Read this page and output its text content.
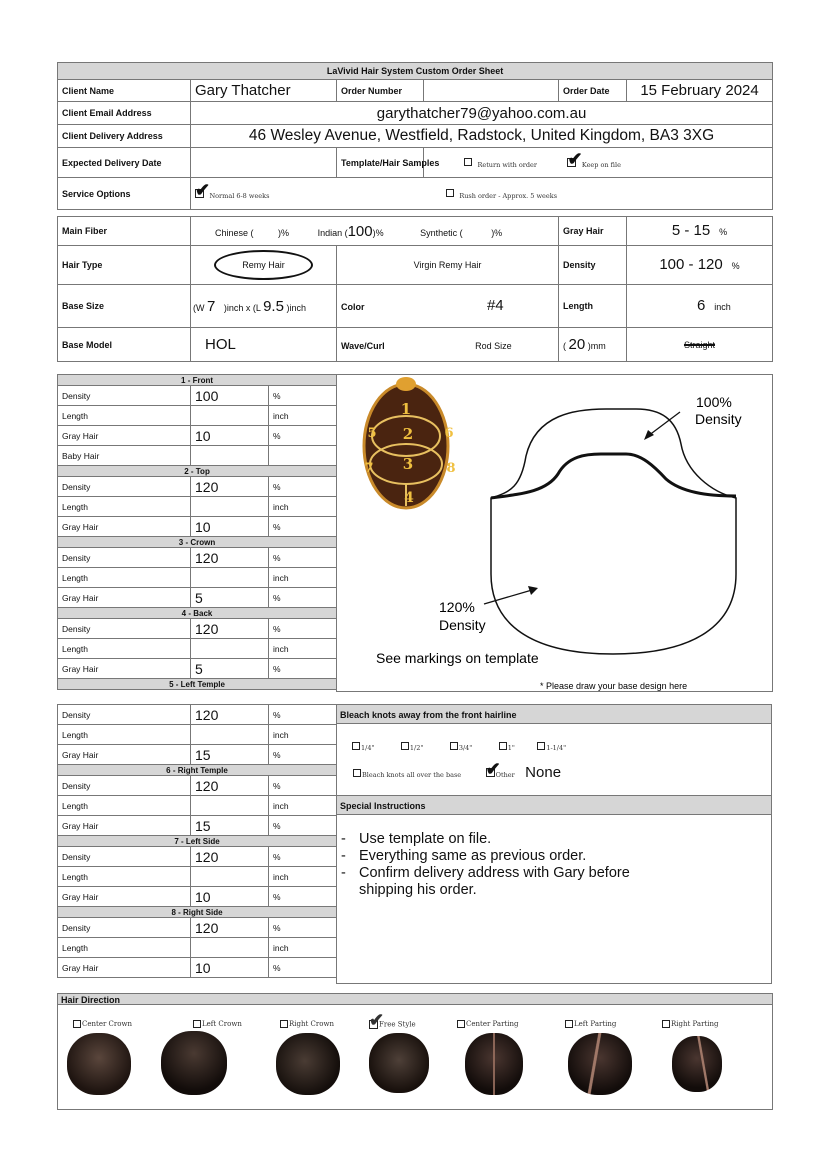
LaVivid Hair System Custom Order Sheet					
Client Name	Gary Thatcher	Order Number		Order Date	15 February 2024
Client Email Address	garythatcher79@yahoo.com.au				
Client Delivery Address	46 Wesley Avenue, Westfield, Radstock, United Kingdom, BA3 3XG				
Expected Delivery Date		Template/Hair Samples	Return with order ✔ Keep on file		
Service Options	✔ Normal 6-8 weeks Rush order - Approx. 5 weeks				
Main Fiber	Chinese ( )% Indian (100)% Synthetic ( )%		Gray Hair	5 - 15 %
Hair Type	Remy Hair	Virgin Remy Hair	Density	100 - 120 %
Base Size	(W 7 )inch x (L 9.5 )inch	Color #4	Length	6 inch
Base Model	HOL	Wave/Curl Rod Size	( 20 )mm	Straight
1 - Front		
Density	100	%
Length		inch
Gray Hair	10	%
Baby Hair		
2 - Top		
Density	120	%
Length		inch
Gray Hair	10	%
3 - Crown		
Density	120	%
Length		inch
Gray Hair	5	%
4 - Back		
Density	120	%
Length		inch
Gray Hair	5	%
5 - Left Temple		
Density	120	%
Length		inch
Gray Hair	15	%
6 - Right Temple		
Density	120	%
Length		inch
Gray Hair	15	%
7 - Left Side		
Density	120	%
Length		inch
Gray Hair	10	%
8 - Right Side		
Density	120	%
Length		inch
Gray Hair	10	%
1
2
3
4
5	6
7	8
100%
Density
120%
Density
See markings on template
* Please draw your base design here
Bleach knots away from the front hairline
1/4"	1/2"	3/4"	1"	1-1/4"
Bleach knots all over the base ✔
Other None
Special Instructions
- Use template on file.
- Everything same as previous order.
- Confirm delivery address with Gary before shipping his order.
Hair Direction
Center Crown	Left Crown	Right Crown ✔
Free Style	Center Parting	Left Parting	Right Parting
